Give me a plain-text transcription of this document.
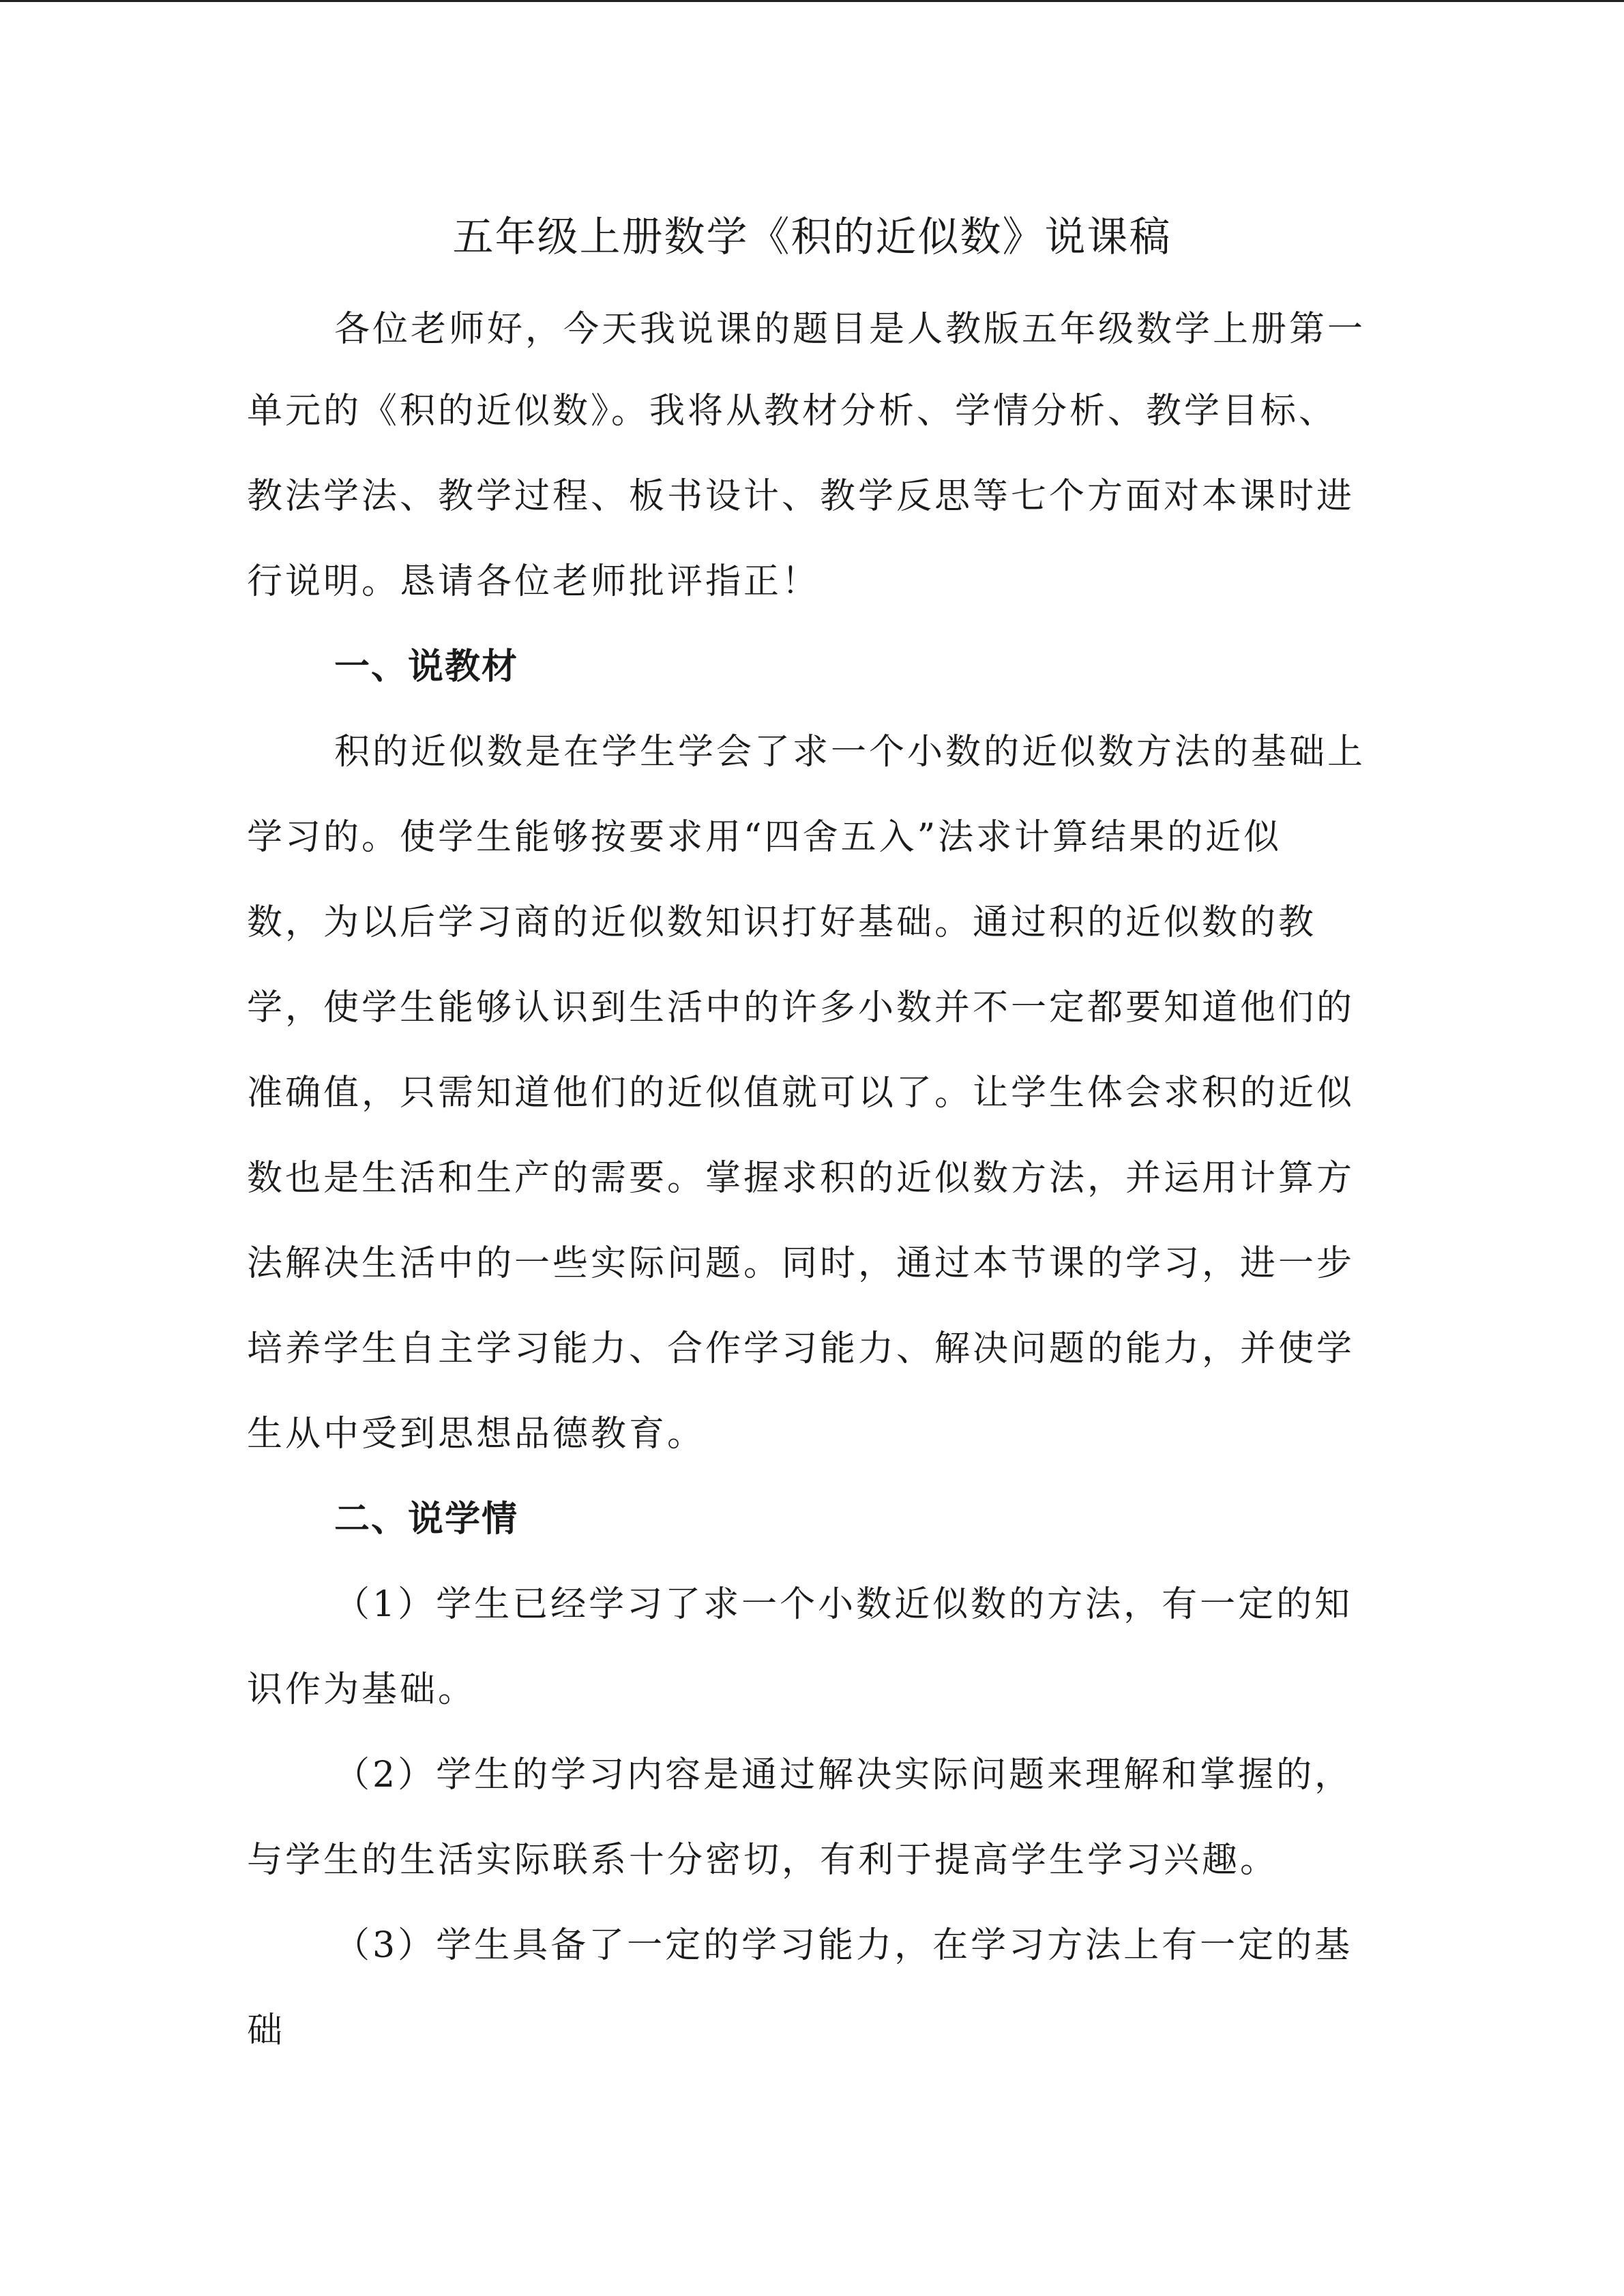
五年级上册数学《积的近似数》说课稿

各位老师好，今天我说课的题目是人教版五年级数学上册第一

单元的《积的近似数》。我将从教材分析、学情分析、教学目标、

教法学法、教学过程、板书设计、教学反思等七个方面对本课时进

行说明。恳请各位老师批评指正！

一、说教材

积的近似数是在学生学会了求一个小数的近似数方法的基础上

学习的。使学生能够按要求用“四舍五入”法求计算结果的近似

数，为以后学习商的近似数知识打好基础。通过积的近似数的教

学，使学生能够认识到生活中的许多小数并不一定都要知道他们的

准确值，只需知道他们的近似值就可以了。让学生体会求积的近似

数也是生活和生产的需要。掌握求积的近似数方法，并运用计算方

法解决生活中的一些实际问题。同时，通过本节课的学习，进一步

培养学生自主学习能力、合作学习能力、解决问题的能力，并使学

生从中受到思想品德教育。

二、说学情

（1）学生已经学习了求一个小数近似数的方法，有一定的知

识作为基础。

（2）学生的学习内容是通过解决实际问题来理解和掌握的，

与学生的生活实际联系十分密切，有利于提高学生学习兴趣。

（3）学生具备了一定的学习能力，在学习方法上有一定的基

础
